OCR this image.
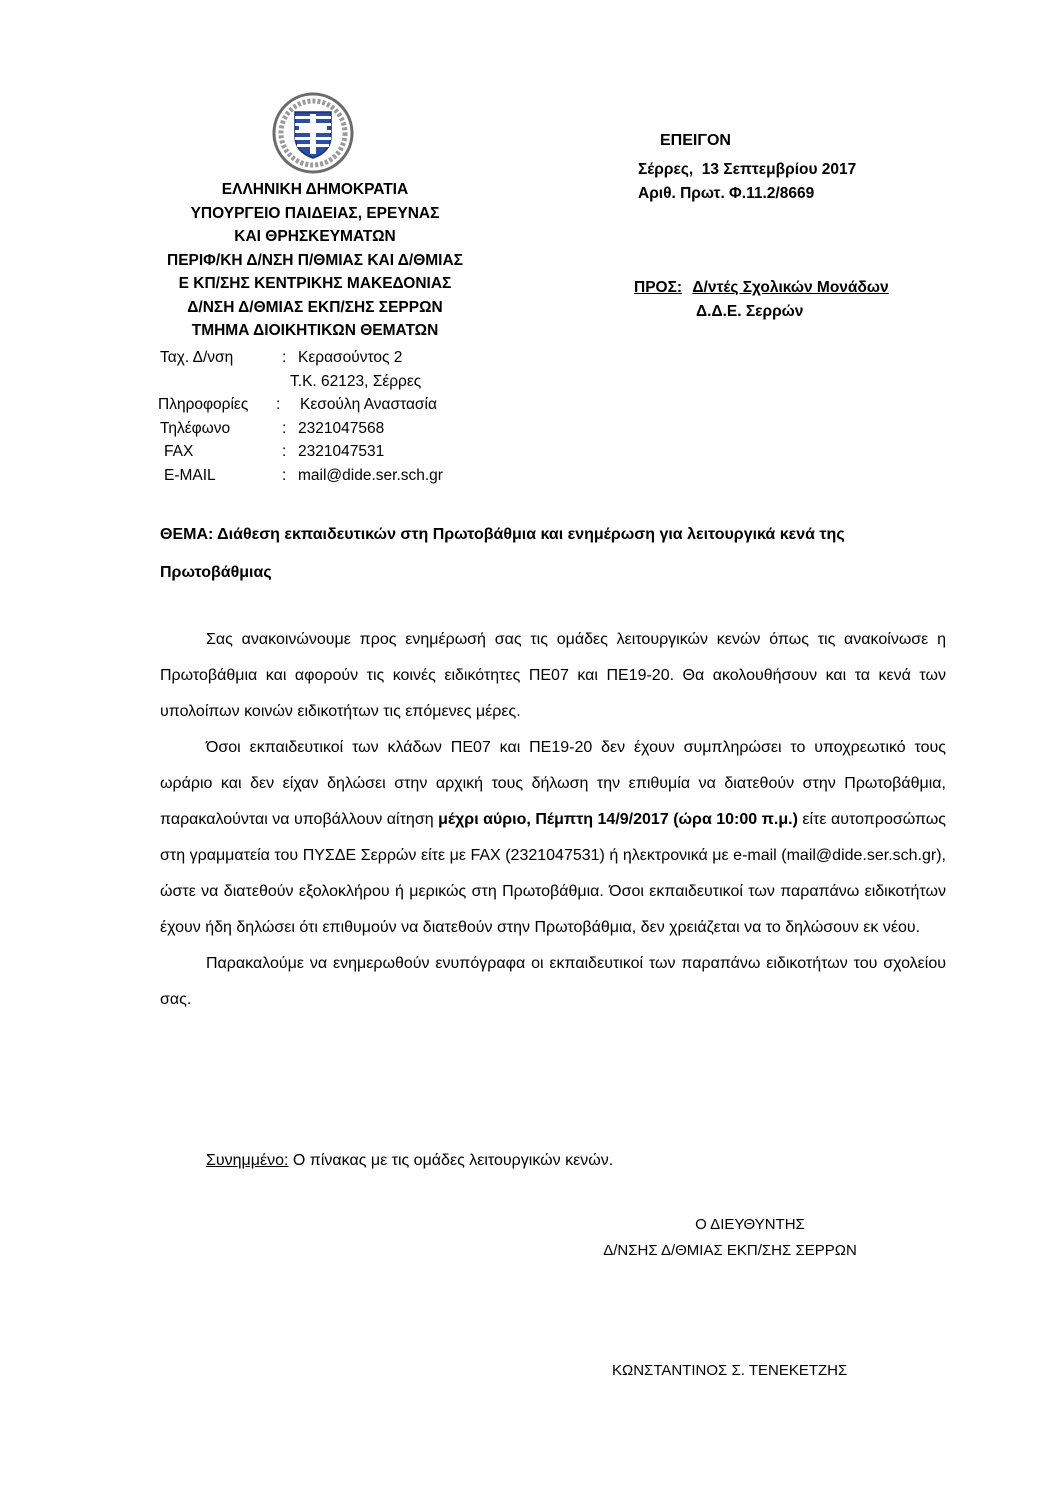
ΕΛΛΗΝΙΚΗ ΔΗΜΟΚΡΑΤΙΑ
ΥΠΟΥΡΓΕΙΟ ΠΑΙΔΕΙΑΣ, ΕΡΕΥΝΑΣ
ΚΑΙ ΘΡΗΣΚΕΥΜΑΤΩΝ
ΠΕΡΙΦ/ΚΗ Δ/ΝΣΗ Π/ΘΜΙΑΣ ΚΑΙ Δ/ΘΜΙΑΣ
Ε ΚΠ/ΣΗΣ ΚΕΝΤΡΙΚΗΣ ΜΑΚΕΔΟΝΙΑΣ
Δ/ΝΣΗ Δ/ΘΜΙΑΣ ΕΚΠ/ΣΗΣ ΣΕΡΡΩΝ
ΤΜΗΜΑ ΔΙΟΙΚΗΤΙΚΩΝ ΘΕΜΑΤΩΝ
Ταχ. Δ/νση	: Κερασούντος 2
Τ.Κ. 62123, Σέρρες
Πληροφορίες : Κεσούλη Αναστασία
Τηλέφωνο	: 2321047568
FAX	: 2321047531
E-MAIL	: mail@dide.ser.sch.gr
ΕΠΕΙΓΟΝ
Σέρρες,  13 Σεπτεμβρίου 2017
Αριθ. Πρωτ. Φ.11.2/8669
ΠΡΟΣ: Δ/ντές Σχολικών Μονάδων
Δ.Δ.Ε. Σερρών
ΘΕΜΑ: Διάθεση εκπαιδευτικών στη Πρωτοβάθμια και ενημέρωση για λειτουργικά κενά της Πρωτοβάθμιας

Σας ανακοινώνουμε προς ενημέρωσή σας τις ομάδες λειτουργικών κενών όπως τις ανακοίνωσε η Πρωτοβάθμια και αφορούν τις κοινές ειδικότητες ΠΕ07 και ΠΕ19-20. Θα ακολουθήσουν και τα κενά των υπολοίπων κοινών ειδικοτήτων τις επόμενες μέρες.

Όσοι εκπαιδευτικοί των κλάδων ΠΕ07 και ΠΕ19-20 δεν έχουν συμπληρώσει το υποχρεωτικό τους ωράριο και δεν είχαν δηλώσει στην αρχική τους δήλωση την επιθυμία να διατεθούν στην Πρωτοβάθμια, παρακαλούνται να υποβάλλουν αίτηση μέχρι αύριο, Πέμπτη 14/9/2017 (ώρα 10:00 π.μ.) είτε αυτοπροσώπως στη γραμματεία του ΠΥΣΔΕ Σερρών είτε με FAX (2321047531) ή ηλεκτρονικά με e-mail (mail@dide.ser.sch.gr), ώστε να διατεθούν εξολοκλήρου ή μερικώς στη Πρωτοβάθμια. Όσοι εκπαιδευτικοί των παραπάνω ειδικοτήτων έχουν ήδη δηλώσει ότι επιθυμούν να διατεθούν στην Πρωτοβάθμια, δεν χρειάζεται να το δηλώσουν εκ νέου.

Παρακαλούμε να ενημερωθούν ενυπόγραφα οι εκπαιδευτικοί των παραπάνω ειδικοτήτων του σχολείου σας.

Συνημμένο: Ο πίνακας με τις ομάδες λειτουργικών κενών.
Ο ΔΙΕΥΘΥΝΤΗΣ
Δ/ΝΣΗΣ Δ/ΘΜΙΑΣ ΕΚΠ/ΣΗΣ ΣΕΡΡΩΝ
ΚΩΝΣΤΑΝΤΙΝΟΣ Σ. ΤΕΝΕΚΕΤΖΗΣ
